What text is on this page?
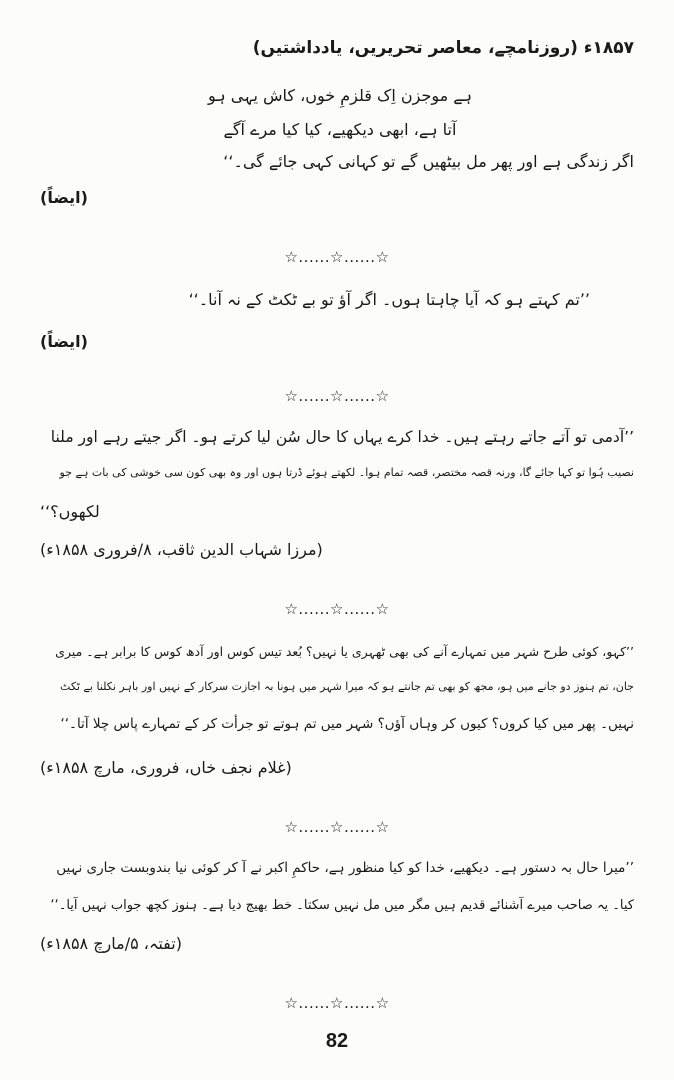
۱۸۵۷ء (روزنامچے، معاصر تحریریں، یادداشتیں)
ہے موجزن اِک قلزمِ خوں، کاش یہی ہو
آتا ہے، ابھی دیکھیے، کیا کیا مرے آگے
اگر زندگی ہے اور پھر مل بیٹھیں گے تو کہانی کہی جائے گی۔‘‘
(ایضاً)
☆......☆......☆
’’تم کہتے ہو کہ آیا چاہتا ہوں۔ اگر آؤ تو بے ٹکٹ کے نہ آنا۔‘‘
(ایضاً)
☆......☆......☆
’’آدمی تو آتے جاتے رہتے ہیں۔ خدا کرے یہاں کا حال سُن لیا کرتے ہو۔ اگر جیتے رہے اور ملنا
نصیب ہُوا تو کہا جائے گا، ورنہ قصہ مختصر، قصہ تمام ہوا۔ لکھتے ہوئے ڈرتا ہوں اور وہ بھی کون سی خوشی کی بات ہے جو
لکھوں؟‘‘
(مرزا شہاب الدین ثاقب، ۸/فروری ۱۸۵۸ء)
☆......☆......☆
’’کہو، کوئی طرح شہر میں تمہارے آنے کی بھی ٹھہری یا نہیں؟ بُعد تیس کوس اور آدھ کوس کا برابر ہے۔ میری
جان، تم ہنوز دو جانے میں ہو، مجھ کو بھی تم جانتے ہو کہ میرا شہر میں ہونا بہ اجازت سرکار کے نہیں اور باہر نکلنا بے ٹکٹ
نہیں۔ پھر میں کیا کروں؟ کیوں کر وہاں آؤں؟ شہر میں تم ہوتے تو جرأت کر کے تمہارے پاس چلا آتا۔‘‘
(غلام نجف خاں، فروری، مارچ ۱۸۵۸ء)
☆......☆......☆
’’میرا حال بہ دستور ہے۔ دیکھیے، خدا کو کیا منظور ہے، حاکمِ اکبر نے آ کر کوئی نیا بندوبست جاری نہیں
کیا۔ یہ صاحب میرے آشنائے قدیم ہیں مگر میں مل نہیں سکتا۔ خط بھیج دیا ہے۔ ہنوز کچھ جواب نہیں آیا۔‘‘
(تفتہ، ۵/مارچ ۱۸۵۸ء)
☆......☆......☆
82
